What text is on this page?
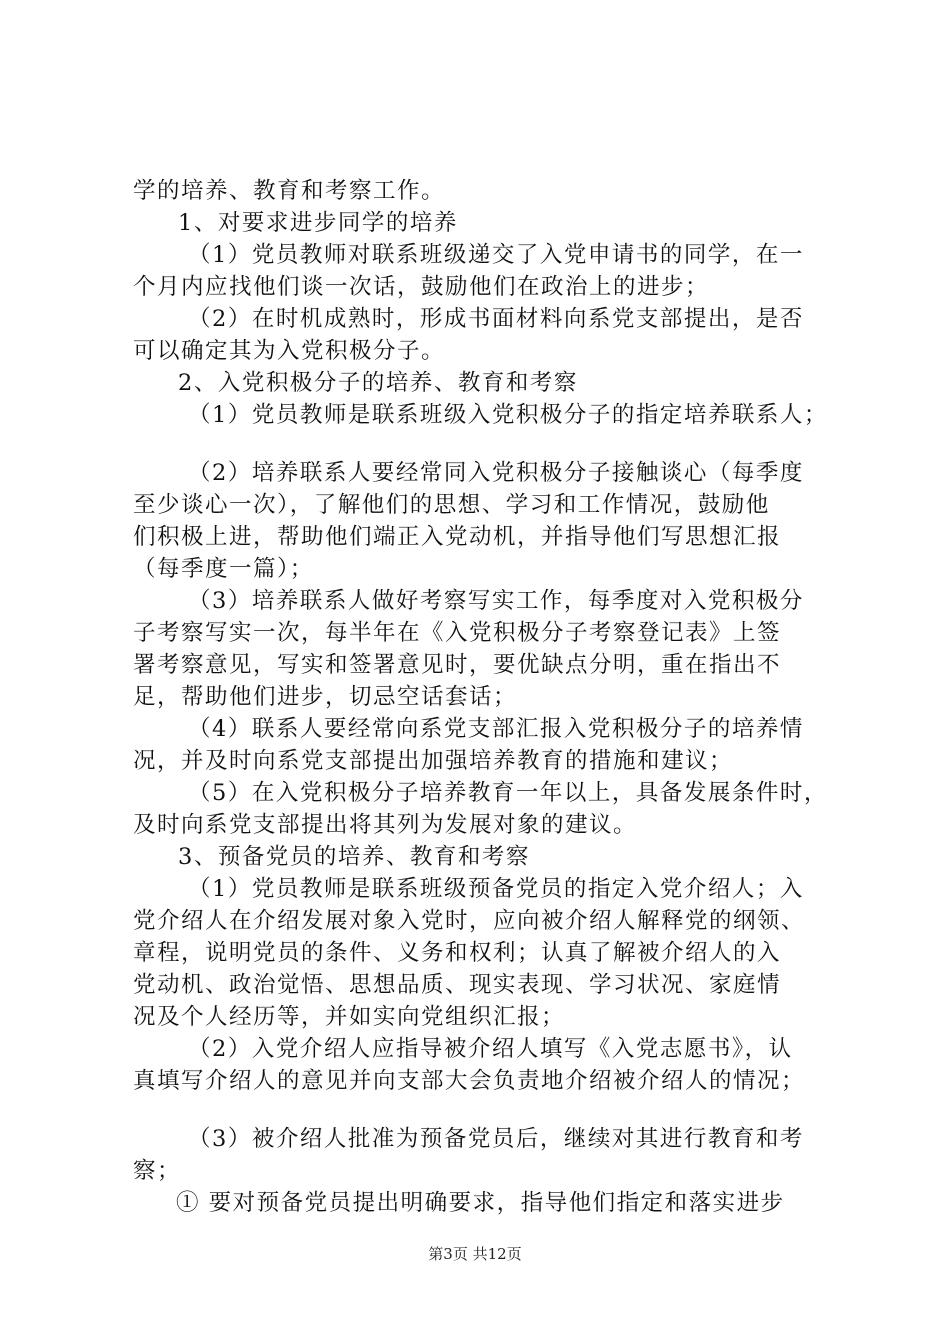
学的培养、教育和考察工作。
1、对要求进步同学的培养
（1）党员教师对联系班级递交了入党申请书的同学，在一
个月内应找他们谈一次话，鼓励他们在政治上的进步；
（2）在时机成熟时，形成书面材料向系党支部提出，是否
可以确定其为入党积极分子。
2、入党积极分子的培养、教育和考察
（1）党员教师是联系班级入党积极分子的指定培养联系人；
（2）培养联系人要经常同入党积极分子接触谈心（每季度
至少谈心一次），了解他们的思想、学习和工作情况，鼓励他
们积极上进，帮助他们端正入党动机，并指导他们写思想汇报
（每季度一篇）；
（3）培养联系人做好考察写实工作，每季度对入党积极分
子考察写实一次，每半年在《入党积极分子考察登记表》上签
署考察意见，写实和签署意见时，要优缺点分明，重在指出不
足，帮助他们进步，切忌空话套话；
（4）联系人要经常向系党支部汇报入党积极分子的培养情
况，并及时向系党支部提出加强培养教育的措施和建议；
（5）在入党积极分子培养教育一年以上，具备发展条件时，
及时向系党支部提出将其列为发展对象的建议。
3、预备党员的培养、教育和考察
（1）党员教师是联系班级预备党员的指定入党介绍人；入
党介绍人在介绍发展对象入党时，应向被介绍人解释党的纲领、
章程，说明党员的条件、义务和权利；认真了解被介绍人的入
党动机、政治觉悟、思想品质、现实表现、学习状况、家庭情
况及个人经历等，并如实向党组织汇报；
（2）入党介绍人应指导被介绍人填写《入党志愿书》，认
真填写介绍人的意见并向支部大会负责地介绍被介绍人的情况；
（3）被介绍人批准为预备党员后，继续对其进行教育和考
察；
① 要对预备党员提出明确要求，指导他们指定和落实进步
第3页 共12页
